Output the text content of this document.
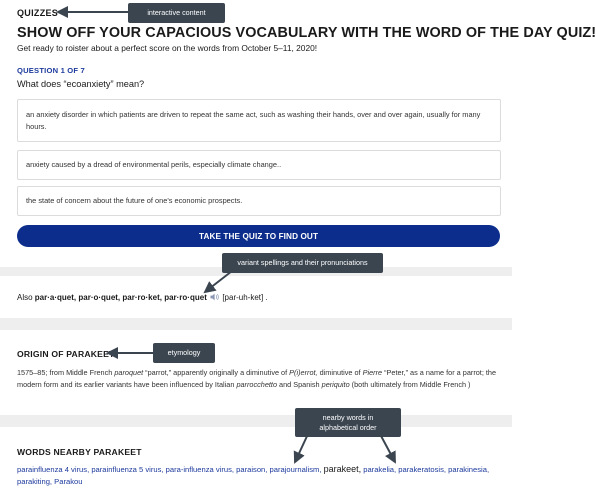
QUIZZES
SHOW OFF YOUR CAPACIOUS VOCABULARY WITH THE WORD OF THE DAY QUIZ!
Get ready to roister about a perfect score on the words from October 5–11, 2020!
QUESTION 1 OF 7
What does “ecoanxiety” mean?
an anxiety disorder in which patients are driven to repeat the same act, such as washing their hands, over and over again, usually for many hours.
anxiety caused by a dread of environmental perils, especially climate change..
the state of concern about the future of one's economic prospects.
TAKE THE QUIZ TO FIND OUT
Also par·a·quet, par·o·quet, par·ro·ket, par·ro·quet [par-uh-ket] .
ORIGIN OF PARAKEET
1575–85; from Middle French paroquet “parrot,” apparently originally a diminutive of P(i)errot, diminutive of Pierre “Peter,” as a name for a parrot; the modern form and its earlier variants have been influenced by Italian parrocchetto and Spanish periquito (both ultimately from Middle French )
WORDS NEARBY PARAKEET
parainfluenza 4 virus, parainfluenza 5 virus, para-influenza virus, paraison, parajournalism, parakeet, parakelia, parakeratosis, parakinesia, parakiting, Parakou
interactive content
variant spellings and their pronunciations
etymology
nearby words in alphabetical order
